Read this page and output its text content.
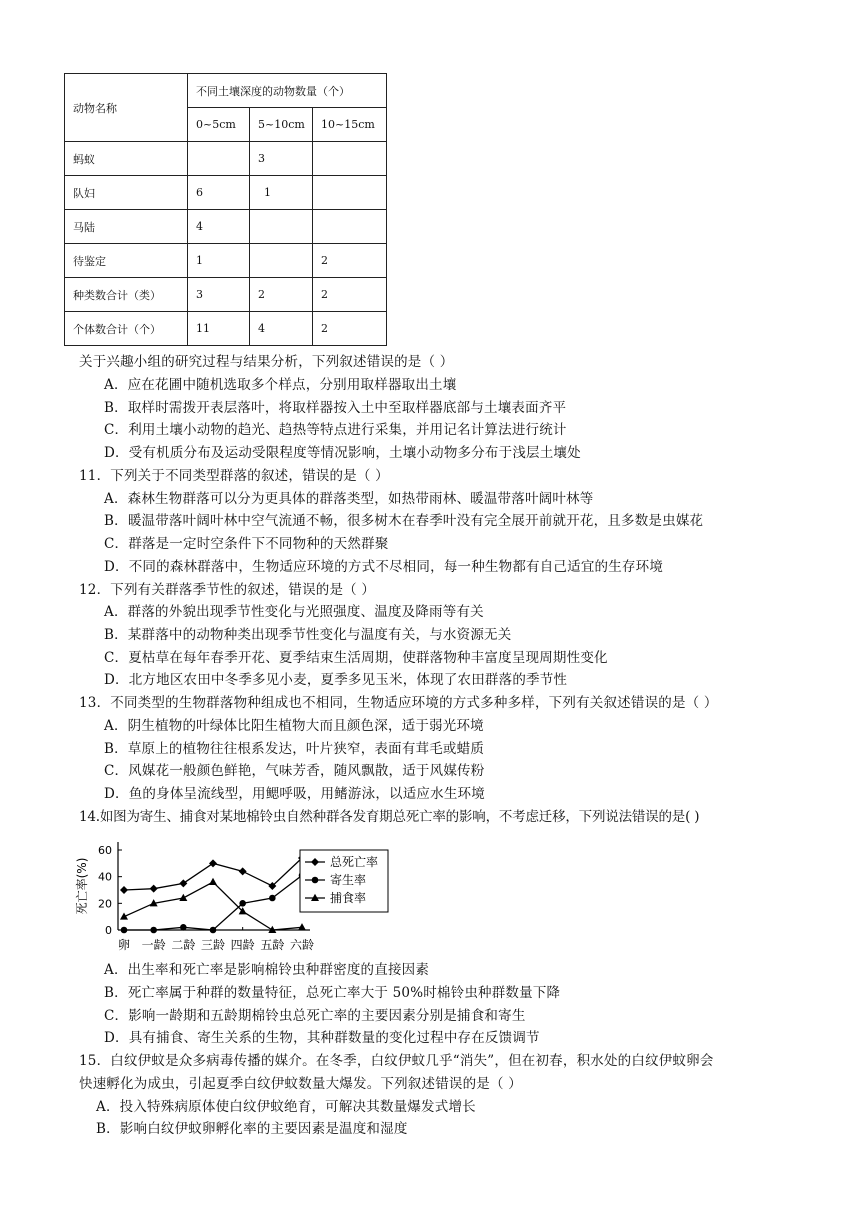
动物名称	不同土壤深度的动物数量（个）		
	0~5cm	5~10cm	10~15cm
蚂蚁		3	
队妇	6	1	
马陆	4		
待鉴定	1		2
种类数合计（类）	3	2	2
个体数合计（个）	11	4	2
关于兴趣小组的研究过程与结果分析，下列叙述错误的是（ ）
A．应在花圃中随机选取多个样点，分别用取样器取出土壤
B．取样时需拨开表层落叶，将取样器按入土中至取样器底部与土壤表面齐平
C．利用土壤小动物的趋光、趋热等特点进行采集，并用记名计算法进行统计
D．受有机质分布及运动受限程度等情况影响，土壤小动物多分布于浅层土壤处
11．下列关于不同类型群落的叙述，错误的是（ ）
A．森林生物群落可以分为更具体的群落类型，如热带雨林、暖温带落叶阔叶林等
B．暖温带落叶阔叶林中空气流通不畅，很多树木在春季叶没有完全展开前就开花，且多数是虫媒花
C．群落是一定时空条件下不同物种的天然群聚
D．不同的森林群落中，生物适应环境的方式不尽相同，每一种生物都有自己适宜的生存环境
12．下列有关群落季节性的叙述，错误的是（ ）
A．群落的外貌出现季节性变化与光照强度、温度及降雨等有关
B．某群落中的动物种类出现季节性变化与温度有关，与水资源无关
C．夏枯草在每年春季开花、夏季结束生活周期，使群落物种丰富度呈现周期性变化
D．北方地区农田中冬季多见小麦，夏季多见玉米，体现了农田群落的季节性
13．不同类型的生物群落物种组成也不相同，生物适应环境的方式多种多样，下列有关叙述错误的是（ ）
A．阴生植物的叶绿体比阳生植物大而且颜色深，适于弱光环境
B．草原上的植物往往根系发达，叶片狭窄，表面有茸毛或蜡质
C．风媒花一般颜色鲜艳，气味芳香，随风飘散，适于风媒传粉
D．鱼的身体呈流线型，用鳃呼吸，用鳍游泳，以适应水生环境
14.如图为寄生、捕食对某地棉铃虫自然种群各发育期总死亡率的影响，不考虑迁移，下列说法错误的是( )
0
20
40
60
卵 一龄 二龄 三龄 四龄 五龄 六龄
死亡率(%)	总死亡率
寄生率
捕食率
A．出生率和死亡率是影响棉铃虫种群密度的直接因素
B．死亡率属于种群的数量特征，总死亡率大于 50%时棉铃虫种群数量下降
C．影响一龄期和五龄期棉铃虫总死亡率的主要因素分别是捕食和寄生
D．具有捕食、寄生关系的生物，其种群数量的变化过程中存在反馈调节
15．白纹伊蚊是众多病毒传播的媒介。在冬季，白纹伊蚊几乎“消失”，但在初春，积水处的白纹伊蚊卵会
快速孵化为成虫，引起夏季白纹伊蚊数量大爆发。下列叙述错误的是（ ）
A．投入特殊病原体使白纹伊蚊绝育，可解决其数量爆发式增长
B．影响白纹伊蚊卵孵化率的主要因素是温度和湿度
